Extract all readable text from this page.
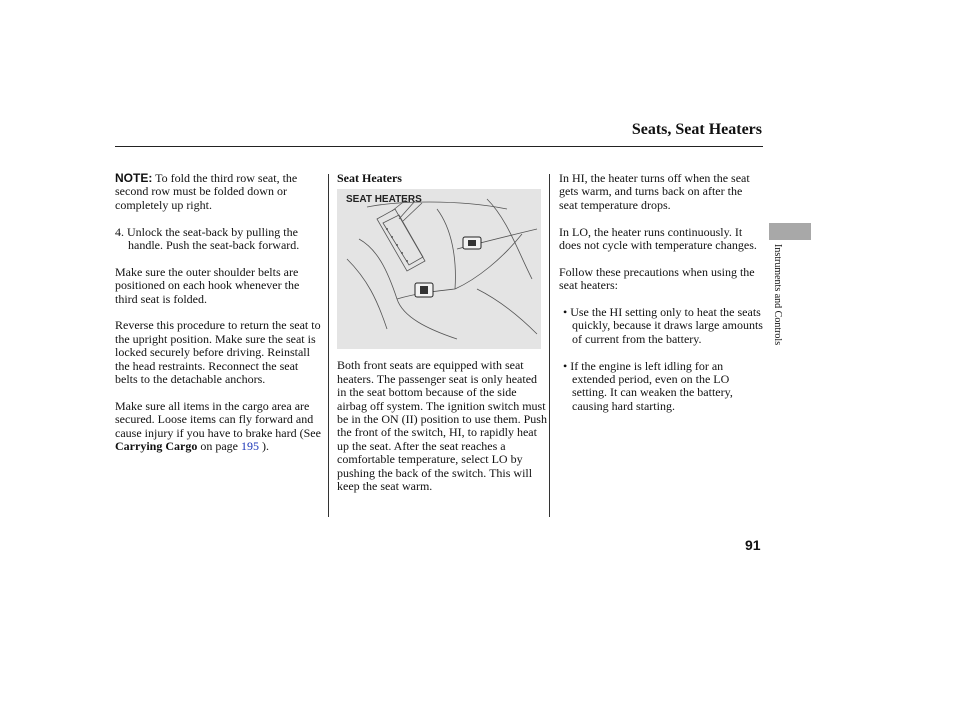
Seats, Seat Heaters

NOTE: To fold the third row seat, the second row must be folded down or completely up right.

4. Unlock the seat-back by pulling the handle. Push the seat-back forward.

Make sure the outer shoulder belts are positioned on each hook whenever the third seat is folded.

Reverse this procedure to return the seat to the upright position. Make sure the seat is locked securely before driving. Reinstall the head restraints. Reconnect the seat belts to the detachable anchors.

Make sure all items in the cargo area are secured. Loose items can fly forward and cause injury if you have to brake hard (See Carrying Cargo on page 195 ).

Seat Heaters

SEAT HEATERS

Both front seats are equipped with seat heaters. The passenger seat is only heated in the seat bottom because of the side airbag off system. The ignition switch must be in the ON (II) position to use them. Push the front of the switch, HI, to rapidly heat up the seat. After the seat reaches a comfortable temperature, select LO by pushing the back of the switch. This will keep the seat warm.

In HI, the heater turns off when the seat gets warm, and turns back on after the seat temperature drops.

In LO, the heater runs continuously. It does not cycle with temperature changes.

Follow these precautions when using the seat heaters:

• Use the HI setting only to heat the seats quickly, because it draws large amounts of current from the battery.

• If the engine is left idling for an extended period, even on the LO setting. It can weaken the battery, causing hard starting.

Instruments and Controls
91
